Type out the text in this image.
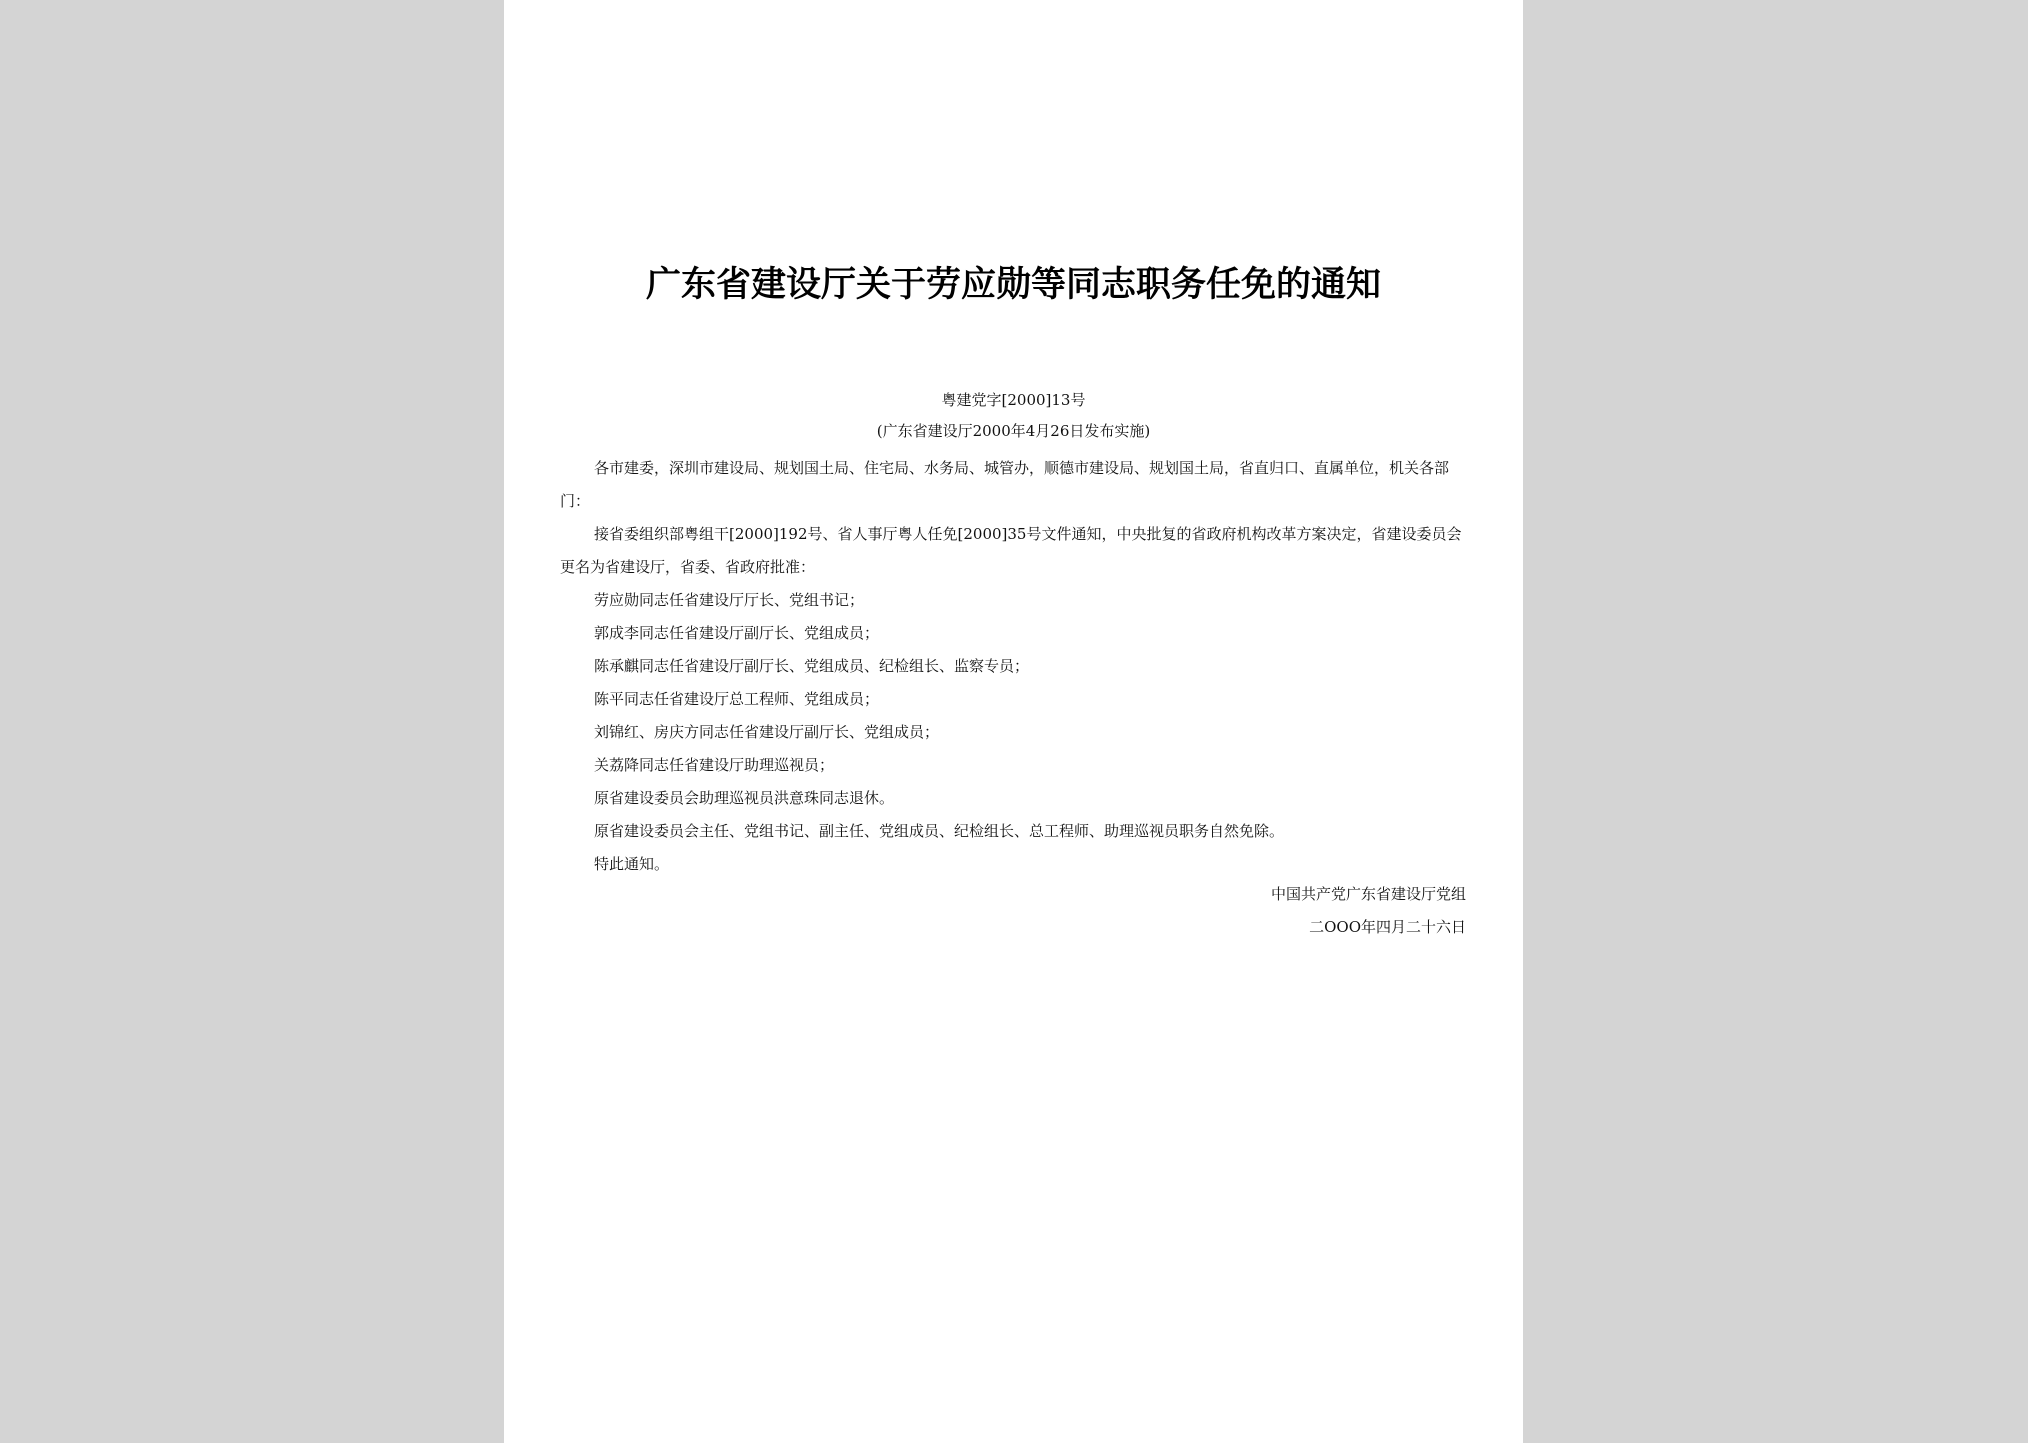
广东省建设厅关于劳应勋等同志职务任免的通知
粤建党字[2000]13号
(广东省建设厅2000年4月26日发布实施)

各市建委，深圳市建设局、规划国土局、住宅局、水务局、城管办，顺德市建设局、规划国土局，省直归口、直属单位，机关各部门：

接省委组织部粤组干[2000]192号、省人事厅粤人任免[2000]35号文件通知，中央批复的省政府机构改革方案决定，省建设委员会更名为省建设厅，省委、省政府批准：

劳应勋同志任省建设厅厅长、党组书记；

郭成李同志任省建设厅副厅长、党组成员；

陈承麒同志任省建设厅副厅长、党组成员、纪检组长、监察专员；

陈平同志任省建设厅总工程师、党组成员；

刘锦红、房庆方同志任省建设厅副厅长、党组成员；

关荔降同志任省建设厅助理巡视员；

原省建设委员会助理巡视员洪意珠同志退休。

原省建设委员会主任、党组书记、副主任、党组成员、纪检组长、总工程师、助理巡视员职务自然免除。

特此通知。

中国共产党广东省建设厅党组
二OOO年四月二十六日
